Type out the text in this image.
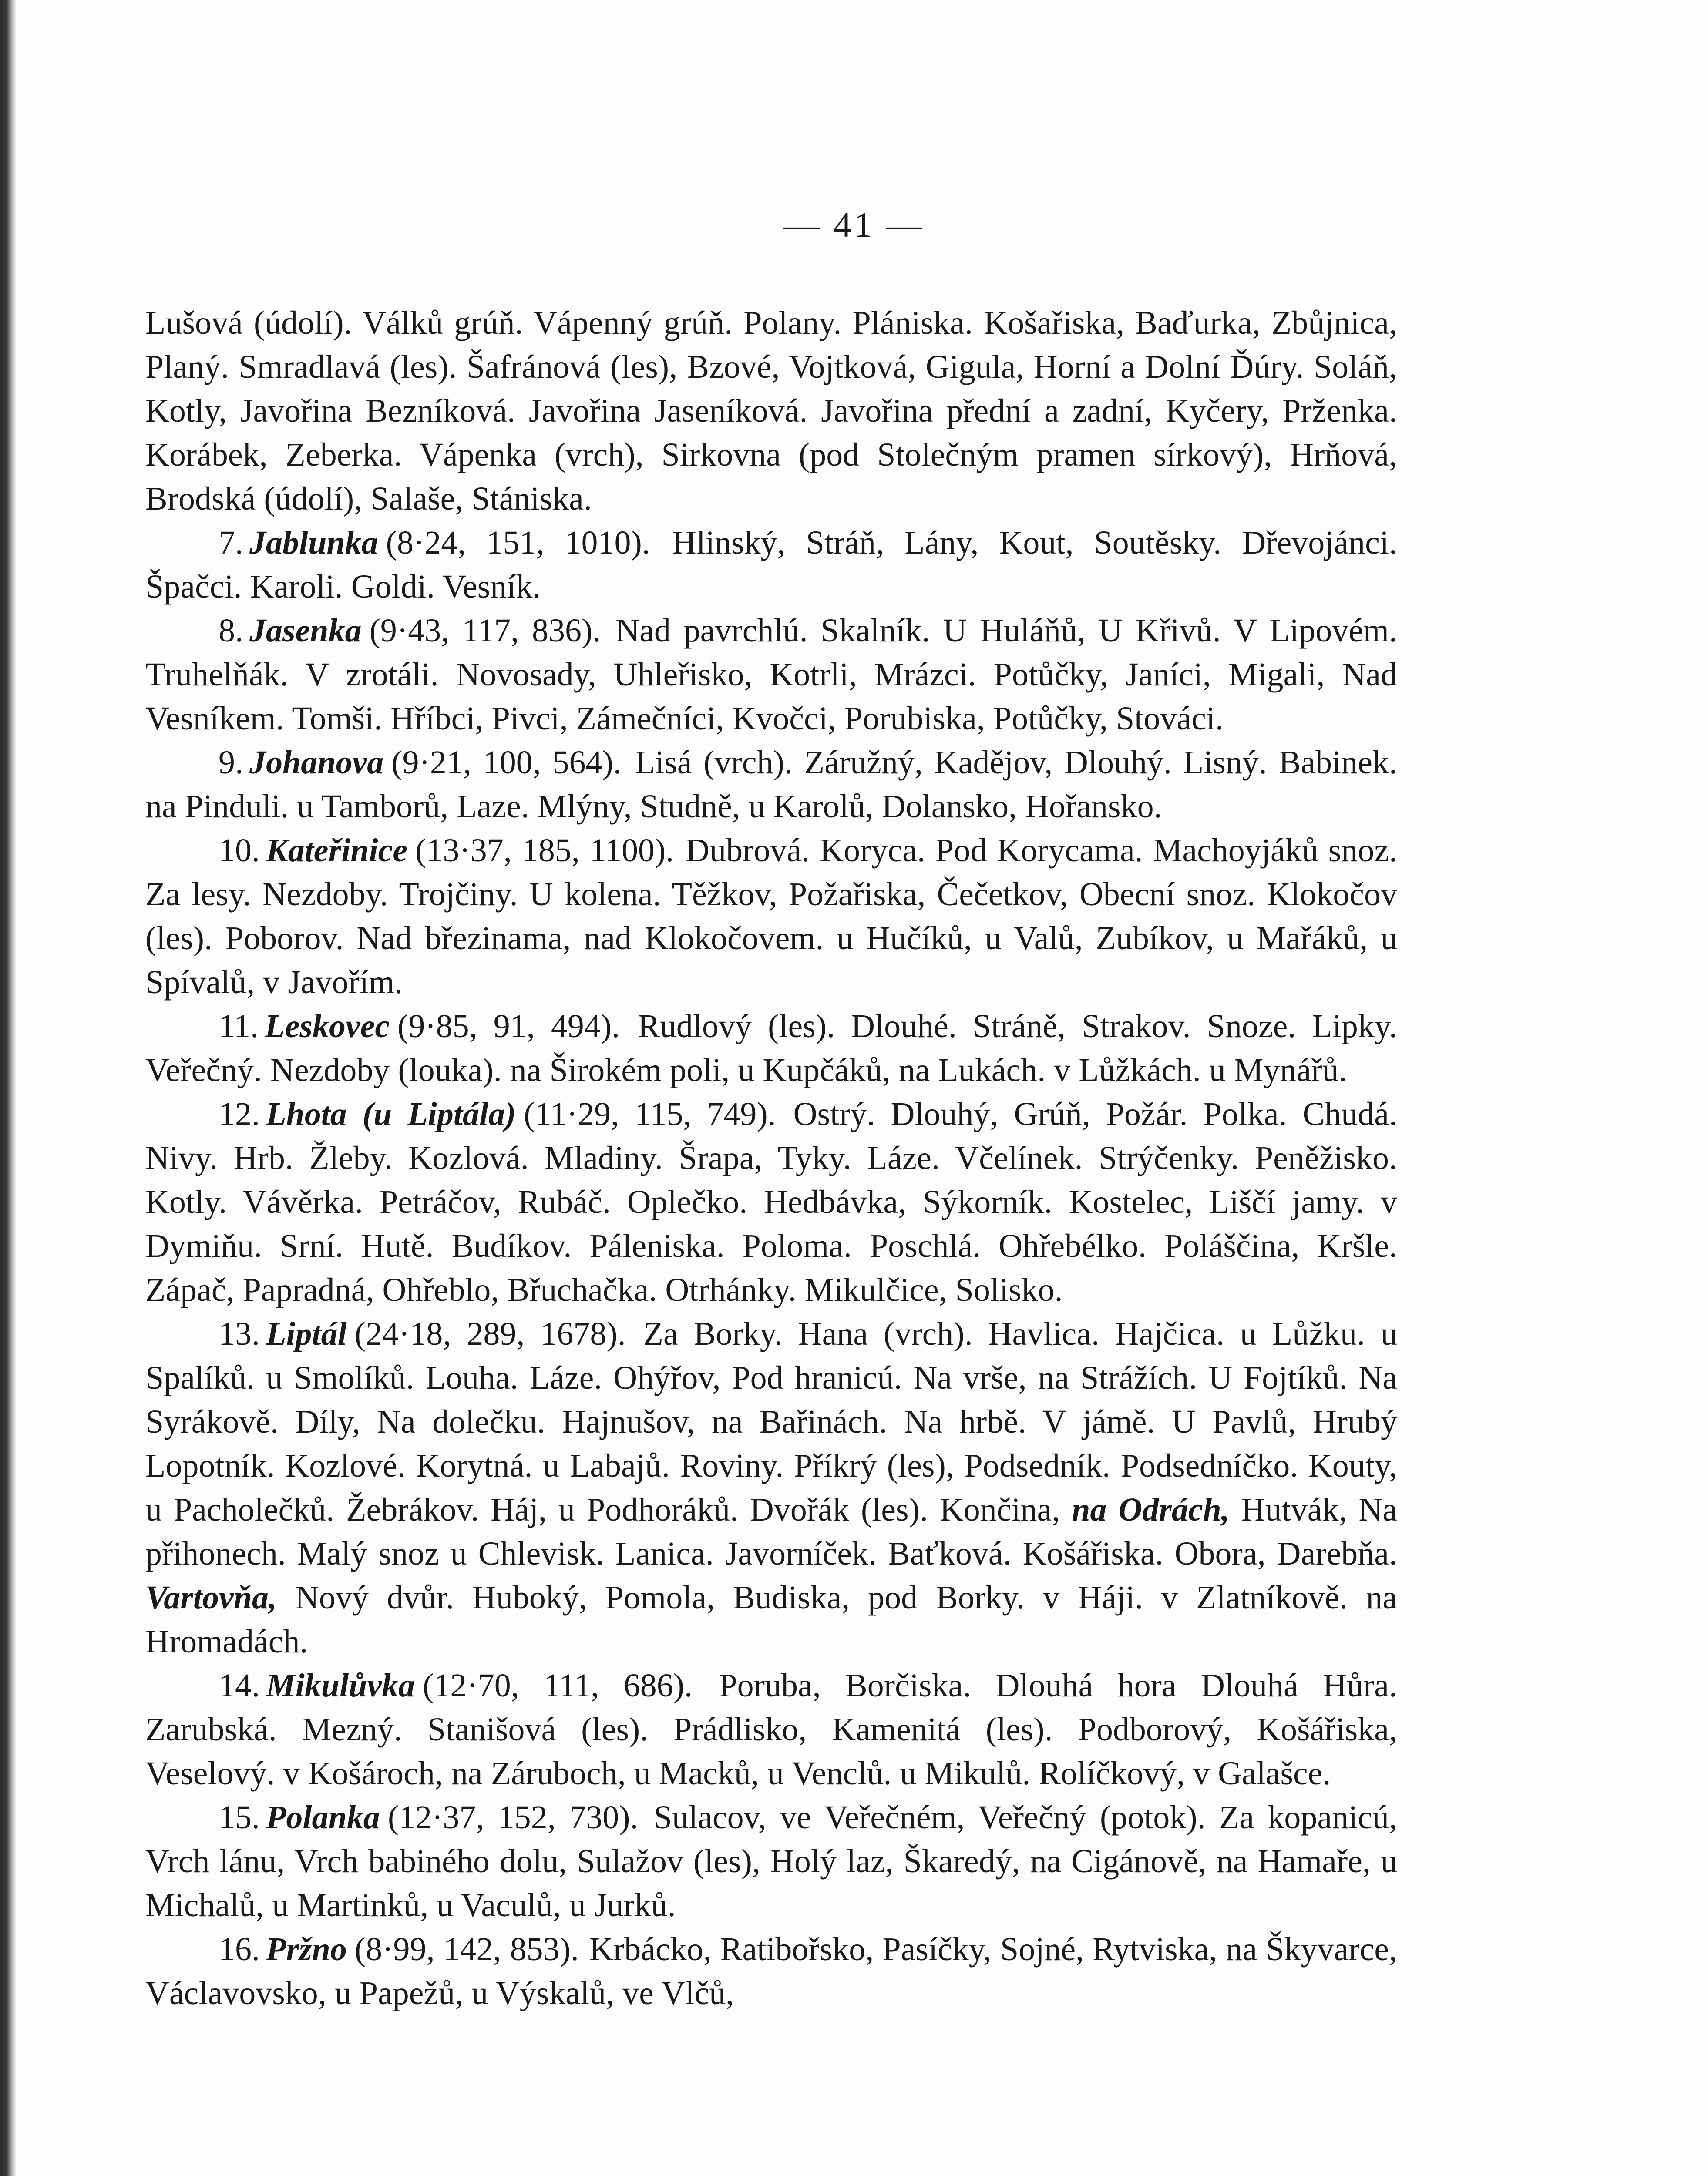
— 41 —

Lušová (údolí). Válků grúň. Vápenný grúň. Polany. Plániska. Košařiska, Baďurka, Zbůjnica, Planý. Smradlavá (les). Šafránová (les), Bzové, Vojtková, Gigula, Horní a Dolní Ďúry. Soláň, Kotly, Javořina Bezníková. Javořina Jaseníková. Javořina přední a zadní, Kyčery, Prženka. Korábek, Zeberka. Vápenka (vrch), Sirkovna (pod Stolečným pramen sírkový), Hrňová, Brodská (údolí), Salaše, Stániska.

7. Jablunka (8·24, 151, 1010). Hlinský, Stráň, Lány, Kout, Soutěsky. Dřevojánci. Špačci. Karoli. Goldi. Vesník.

8. Jasenka (9·43, 117, 836). Nad pavrchlú. Skalník. U Huláňů, U Křivů. V Lipovém. Truhelňák. V zrotáli. Novosady, Uhleřisko, Kotrli, Mrázci. Potůčky, Janíci, Migali, Nad Vesníkem. Tomši. Hříbci, Pivci, Zámečníci, Kvočci, Porubiska, Potůčky, Stováci.

9. Johanova (9·21, 100, 564). Lisá (vrch). Záružný, Kadějov, Dlouhý. Lisný. Babinek. na Pinduli. u Tamborů, Laze. Mlýny, Studně, u Karolů, Dolansko, Hořansko.

10. Kateřinice (13·37, 185, 1100). Dubrová. Koryca. Pod Korycama. Machoyjáků snoz. Za lesy. Nezdoby. Trojčiny. U kolena. Těžkov, Požařiska, Čečetkov, Obecní snoz. Klokočov (les). Poborov. Nad březinama, nad Klokočovem. u Hučíků, u Valů, Zubíkov, u Mařáků, u Spívalů, v Javořím.

11. Leskovec (9·85, 91, 494). Rudlový (les). Dlouhé. Stráně, Strakov. Snoze. Lipky. Veřečný. Nezdoby (louka). na Širokém poli, u Kupčáků, na Lukách. v Lůžkách. u Mynářů.

12. Lhota (u Liptála) (11·29, 115, 749). Ostrý. Dlouhý, Grúň, Požár. Polka. Chudá. Nivy. Hrb. Žleby. Kozlová. Mladiny. Šrapa, Tyky. Láze. Včelínek. Strýčenky. Peněžisko. Kotly. Vávěrka. Petráčov, Rubáč. Oplečko. Hedbávka, Sýkorník. Kostelec, Liščí jamy. v Dymiňu. Srní. Hutě. Budíkov. Páleniska. Poloma. Poschlá. Ohřebélko. Poláščina, Kršle. Zápač, Papradná, Ohřeblo, Břuchačka. Otrhánky. Mikulčice, Solisko.

13. Liptál (24·18, 289, 1678). Za Borky. Hana (vrch). Havlica. Hajčica. u Lůžku. u Spalíků. u Smolíků. Louha. Láze. Ohýřov, Pod hranicú. Na vrše, na Strážích. U Fojtíků. Na Syrákově. Díly, Na dolečku. Hajnušov, na Bařinách. Na hrbě. V jámě. U Pavlů, Hrubý Lopotník. Kozlové. Korytná. u Labajů. Roviny. Příkrý (les), Podsedník. Podsedníčko. Kouty, u Pacholečků. Žebrákov. Háj, u Podhoráků. Dvořák (les). Končina, na Odrách, Hutvák, Na přihonech. Malý snoz u Chlevisk. Lanica. Javorníček. Baťková. Košářiska. Obora, Darebňa. Vartovňa, Nový dvůr. Huboký, Pomola, Budiska, pod Borky. v Háji. v Zlatníkově. na Hromadách.

14. Mikulůvka (12·70, 111, 686). Poruba, Borčiska. Dlouhá hora Dlouhá Hůra. Zarubská. Mezný. Stanišová (les). Prádlisko, Kamenitá (les). Podborový, Košářiska, Veselový. v Košároch, na Záruboch, u Macků, u Venclů. u Mikulů. Rolíčkový, v Galašce.

15. Polanka (12·37, 152, 730). Sulacov, ve Veřečném, Veřečný (potok). Za kopanicú, Vrch lánu, Vrch babiného dolu, Sulažov (les), Holý laz, Škaredý, na Cigánově, na Hamaře, u Michalů, u Martinků, u Vaculů, u Jurků.

16. Pržno (8·99, 142, 853). Krbácko, Ratibořsko, Pasíčky, Sojné, Rytviska, na Škyvarce, Václavovsko, u Papežů, u Výskalů, ve Vlčů,
